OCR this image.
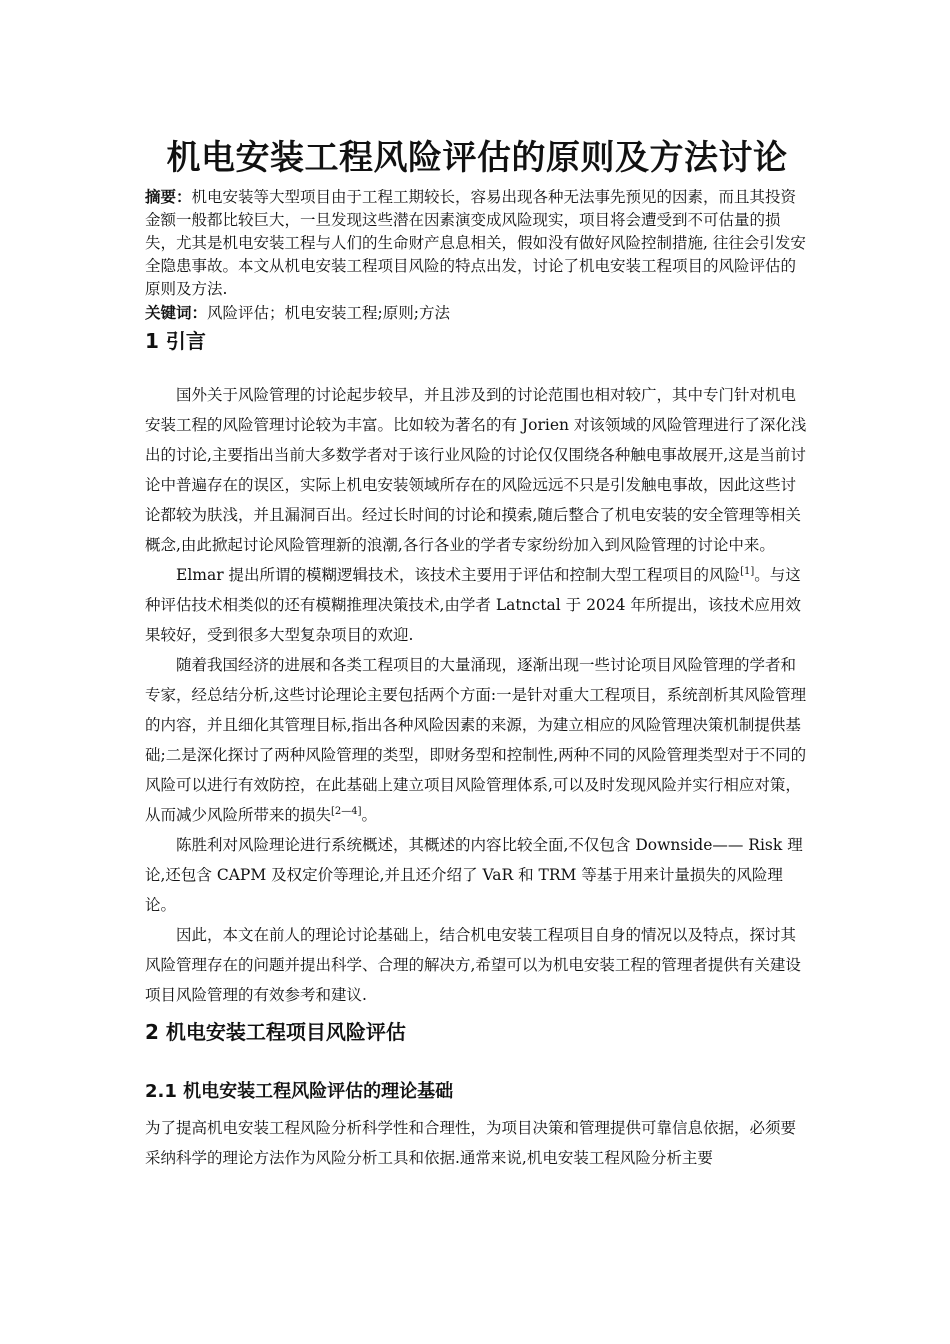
机电安装工程风险评估的原则及方法讨论

摘要：机电安装等大型项目由于工程工期较长，容易出现各种无法事先预见的因素，而且其投资金额一般都比较巨大，一旦发现这些潜在因素演变成风险现实，项目将会遭受到不可估量的损失，尤其是机电安装工程与人们的生命财产息息相关，假如没有做好风险控制措施, 往往会引发安全隐患事故。本文从机电安装工程项目风险的特点出发，讨论了机电安装工程项目的风险评估的原则及方法.

关键词：风险评估；机电安装工程;原则;方法

1 引言

国外关于风险管理的讨论起步较早，并且涉及到的讨论范围也相对较广，其中专门针对机电安装工程的风险管理讨论较为丰富。比如较为著名的有 Jorien 对该领域的风险管理进行了深化浅出的讨论,主要指出当前大多数学者对于该行业风险的讨论仅仅围绕各种触电事故展开,这是当前讨论中普遍存在的误区，实际上机电安装领域所存在的风险远远不只是引发触电事故，因此这些讨论都较为肤浅，并且漏洞百出。经过长时间的讨论和摸索,随后整合了机电安装的安全管理等相关概念,由此掀起讨论风险管理新的浪潮,各行各业的学者专家纷纷加入到风险管理的讨论中来。

Elmar 提出所谓的模糊逻辑技术，该技术主要用于评估和控制大型工程项目的风险[1]。与这种评估技术相类似的还有模糊推理决策技术,由学者 Latnctal 于 2024 年所提出，该技术应用效果较好，受到很多大型复杂项目的欢迎.

随着我国经济的进展和各类工程项目的大量涌现，逐渐出现一些讨论项目风险管理的学者和专家，经总结分析,这些讨论理论主要包括两个方面:一是针对重大工程项目，系统剖析其风险管理的内容，并且细化其管理目标,指出各种风险因素的来源，为建立相应的风险管理决策机制提供基础;二是深化探讨了两种风险管理的类型，即财务型和控制性,两种不同的风险管理类型对于不同的风险可以进行有效防控，在此基础上建立项目风险管理体系,可以及时发现风险并实行相应对策，从而减少风险所带来的损失[2—4]。

陈胜利对风险理论进行系统概述，其概述的内容比较全面,不仅包含 Downside—— Risk 理论,还包含 CAPM 及权定价等理论,并且还介绍了 VaR 和 TRM 等基于用来计量损失的风险理论。

因此，本文在前人的理论讨论基础上，结合机电安装工程项目自身的情况以及特点，探讨其风险管理存在的问题并提出科学、合理的解决方,希望可以为机电安装工程的管理者提供有关建设项目风险管理的有效参考和建议.

2 机电安装工程项目风险评估
2.1 机电安装工程风险评估的理论基础

为了提高机电安装工程风险分析科学性和合理性，为项目决策和管理提供可靠信息依据，必须要采纳科学的理论方法作为风险分析工具和依据.通常来说,机电安装工程风险分析主要
